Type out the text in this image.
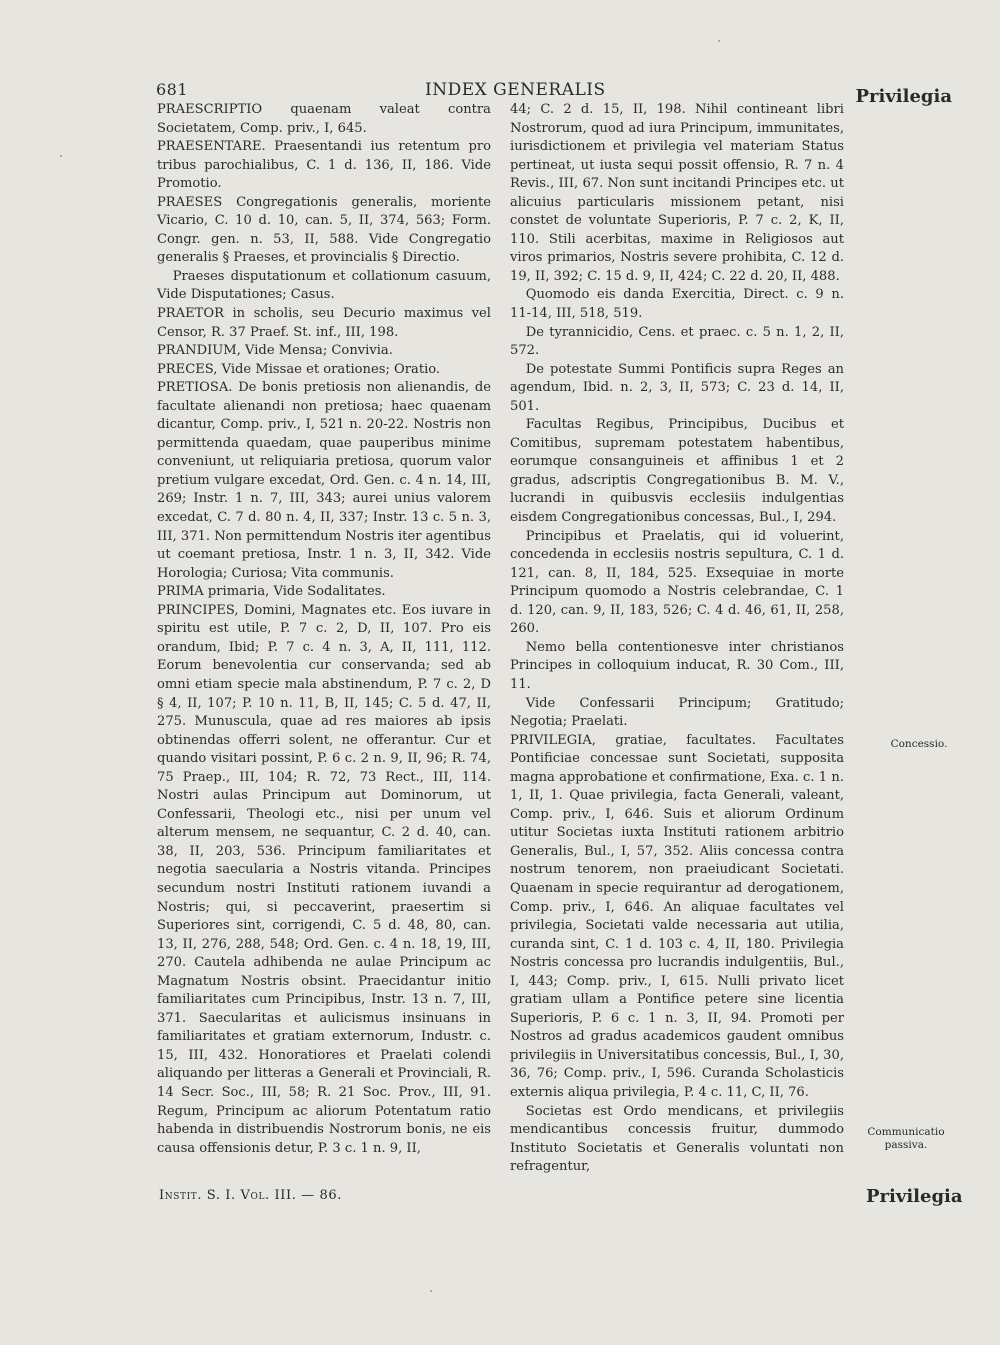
681	INDEX GENERALIS	Privilegia

PRAESCRIPTIO quaenam valeat contra Societatem, Comp. priv., I, 645.

PRAESENTARE. Praesentandi ius retentum pro tribus parochialibus, C. 1 d. 136, II, 186. Vide Promotio.

PRAESES Congregationis generalis, moriente Vicario, C. 10 d. 10, can. 5, II, 374, 563; Form. Congr. gen. n. 53, II, 588. Vide Congregatio generalis § Praeses, et provincialis § Directio.

Praeses disputationum et collationum casuum, Vide Disputationes; Casus.

PRAETOR in scholis, seu Decurio maximus vel Censor, R. 37 Praef. St. inf., III, 198.

PRANDIUM, Vide Mensa; Convivia.

PRECES, Vide Missae et orationes; Oratio.

PRETIOSA. De bonis pretiosis non alienandis, de facultate alienandi non pretiosa; haec quaenam dicantur, Comp. priv., I, 521 n. 20-22. Nostris non permittenda quaedam, quae pauperibus minime conveniunt, ut reliquiaria pretiosa, quorum valor pretium vulgare excedat, Ord. Gen. c. 4 n. 14, III, 269; Instr. 1 n. 7, III, 343; aurei unius valorem excedat, C. 7 d. 80 n. 4, II, 337; Instr. 13 c. 5 n. 3, III, 371. Non permittendum Nostris iter agentibus ut coemant pretiosa, Instr. 1 n. 3, II, 342. Vide Horologia; Curiosa; Vita communis.

PRIMA primaria, Vide Sodalitates.

PRINCIPES, Domini, Magnates etc. Eos iuvare in spiritu est utile, P. 7 c. 2, D, II, 107. Pro eis orandum, Ibid; P. 7 c. 4 n. 3, A, II, 111, 112. Eorum benevolentia cur conservanda; sed ab omni etiam specie mala abstinendum, P. 7 c. 2, D § 4, II, 107; P. 10 n. 11, B, II, 145; C. 5 d. 47, II, 275. Munuscula, quae ad res maiores ab ipsis obtinendas offerri solent, ne offerantur. Cur et quando visitari possint, P. 6 c. 2 n. 9, II, 96; R. 74, 75 Praep., III, 104; R. 72, 73 Rect., III, 114. Nostri aulas Principum aut Dominorum, ut Confessarii, Theologi etc., nisi per unum vel alterum mensem, ne sequantur, C. 2 d. 40, can. 38, II, 203, 536. Principum familiaritates et negotia saecularia a Nostris vitanda. Principes secundum nostri Instituti rationem iuvandi a Nostris; qui, si peccaverint, praesertim si Superiores sint, corrigendi, C. 5 d. 48, 80, can. 13, II, 276, 288, 548; Ord. Gen. c. 4 n. 18, 19, III, 270. Cautela adhibenda ne aulae Principum ac Magnatum Nostris obsint. Praecidantur initio familiaritates cum Principibus, Instr. 13 n. 7, III, 371. Saecularitas et aulicismus insinuans in familiaritates et gratiam externorum, Industr. c. 15, III, 432. Honoratiores et Praelati colendi aliquando per litteras a Generali et Provinciali, R. 14 Secr. Soc., III, 58; R. 21 Soc. Prov., III, 91. Regum, Principum ac aliorum Potentatum ratio habenda in distribuendis Nostrorum bonis, ne eis causa offensionis detur, P. 3 c. 1 n. 9, II,

44; C. 2 d. 15, II, 198. Nihil contineant libri Nostrorum, quod ad iura Principum, immunitates, iurisdictionem et privilegia vel materiam Status pertineat, ut iusta sequi possit offensio, R. 7 n. 4 Revis., III, 67. Non sunt incitandi Principes etc. ut alicuius particularis missionem petant, nisi constet de voluntate Superioris, P. 7 c. 2, K, II, 110. Stili acerbitas, maxime in Religiosos aut viros primarios, Nostris severe prohibita, C. 12 d. 19, II, 392; C. 15 d. 9, II, 424; C. 22 d. 20, II, 488.

Quomodo eis danda Exercitia, Direct. c. 9 n. 11-14, III, 518, 519.

De tyrannicidio, Cens. et praec. c. 5 n. 1, 2, II, 572.

De potestate Summi Pontificis supra Reges an agendum, Ibid. n. 2, 3, II, 573; C. 23 d. 14, II, 501.

Facultas Regibus, Principibus, Ducibus et Comitibus, supremam potestatem habentibus, eorumque consanguineis et affinibus 1 et 2 gradus, adscriptis Congregationibus B. M. V., lucrandi in quibusvis ecclesiis indulgentias eisdem Congregationibus concessas, Bul., I, 294.

Principibus et Praelatis, qui id voluerint, concedenda in ecclesiis nostris sepultura, C. 1 d. 121, can. 8, II, 184, 525. Exsequiae in morte Principum quomodo a Nostris celebrandae, C. 1 d. 120, can. 9, II, 183, 526; C. 4 d. 46, 61, II, 258, 260.

Nemo bella contentionesve inter christianos Principes in colloquium inducat, R. 30 Com., III, 11.

Vide Confessarii Principum; Gratitudo; Negotia; Praelati.

PRIVILEGIA, gratiae, facultates. Facultates Pontificiae concessae sunt Societati, supposita magna approbatione et confirmatione, Exa. c. 1 n. 1, II, 1. Quae privilegia, facta Generali, valeant, Comp. priv., I, 646. Suis et aliorum Ordinum utitur Societas iuxta Instituti rationem arbitrio Generalis, Bul., I, 57, 352. Aliis concessa contra nostrum tenorem, non praeiudicant Societati. Quaenam in specie requirantur ad derogationem, Comp. priv., I, 646. An aliquae facultates vel privilegia, Societati valde necessaria aut utilia, curanda sint, C. 1 d. 103 c. 4, II, 180. Privilegia Nostris concessa pro lucrandis indulgentiis, Bul., I, 443; Comp. priv., I, 615. Nulli privato licet gratiam ullam a Pontifice petere sine licentia Superioris, P. 6 c. 1 n. 3, II, 94. Promoti per Nostros ad gradus academicos gaudent omnibus privilegiis in Universitatibus concessis, Bul., I, 30, 36, 76; Comp. priv., I, 596. Curanda Scholasticis externis aliqua privilegia, P. 4 c. 11, C, II, 76.

Societas est Ordo mendicans, et privilegiis mendicantibus concessis fruitur, dummodo Instituto Societatis et Generalis voluntati non refragentur,

Concessio.
Communicatio passiva.
Instit. S. I. Vol. III. — 86.	Privilegia
